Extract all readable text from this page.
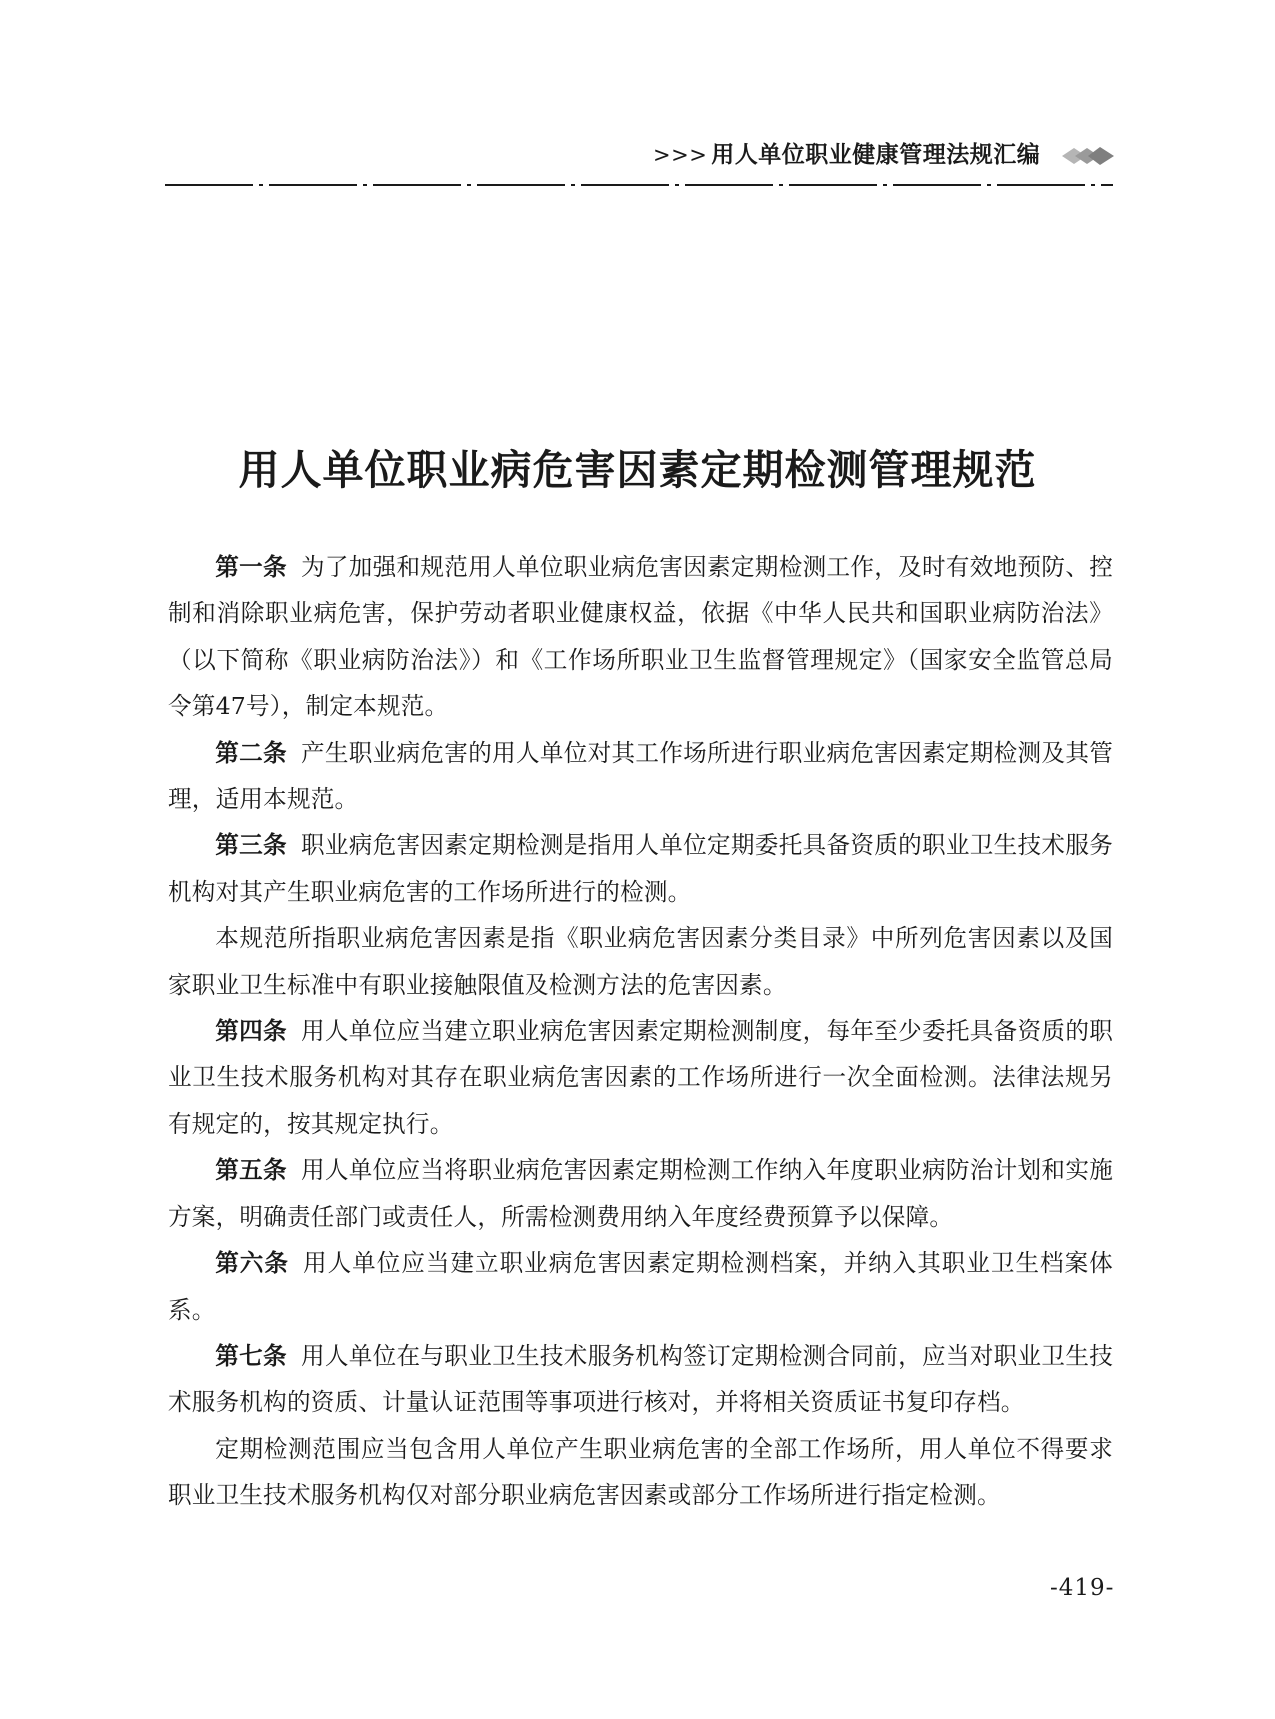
>>> 用人单位职业健康管理法规汇编
用人单位职业病危害因素定期检测管理规范

第一条 为了加强和规范用人单位职业病危害因素定期检测工作，及时有效地预防、控制和消除职业病危害，保护劳动者职业健康权益，依据《中华人民共和国职业病防治法》（以下简称《职业病防治法》）和《工作场所职业卫生监督管理规定》（国家安全监管总局令第47号），制定本规范。

第二条 产生职业病危害的用人单位对其工作场所进行职业病危害因素定期检测及其管理，适用本规范。

第三条 职业病危害因素定期检测是指用人单位定期委托具备资质的职业卫生技术服务机构对其产生职业病危害的工作场所进行的检测。

本规范所指职业病危害因素是指《职业病危害因素分类目录》中所列危害因素以及国家职业卫生标准中有职业接触限值及检测方法的危害因素。

第四条 用人单位应当建立职业病危害因素定期检测制度，每年至少委托具备资质的职业卫生技术服务机构对其存在职业病危害因素的工作场所进行一次全面检测。法律法规另有规定的，按其规定执行。

第五条 用人单位应当将职业病危害因素定期检测工作纳入年度职业病防治计划和实施方案，明确责任部门或责任人，所需检测费用纳入年度经费预算予以保障。

第六条 用人单位应当建立职业病危害因素定期检测档案，并纳入其职业卫生档案体系。

第七条 用人单位在与职业卫生技术服务机构签订定期检测合同前，应当对职业卫生技术服务机构的资质、计量认证范围等事项进行核对，并将相关资质证书复印存档。

定期检测范围应当包含用人单位产生职业病危害的全部工作场所，用人单位不得要求职业卫生技术服务机构仅对部分职业病危害因素或部分工作场所进行指定检测。

-419-
